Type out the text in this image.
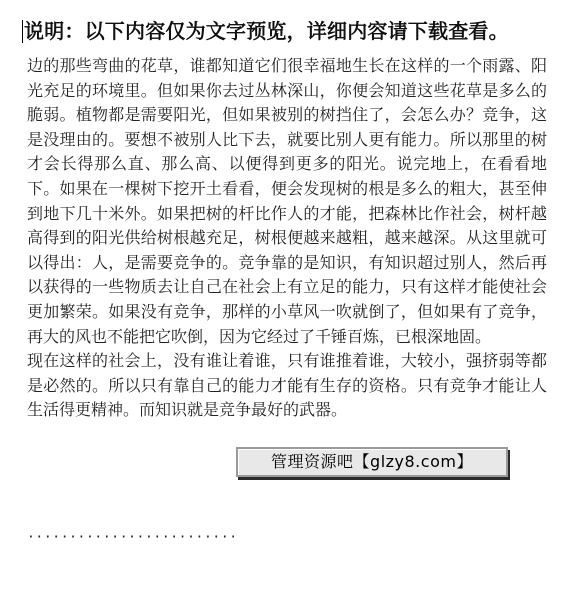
说明：以下内容仅为文字预览，详细内容请下载查看。

边的那些弯曲的花草，谁都知道它们很幸福地生长在这样的一个雨露、阳光充足的环境里。但如果你去过丛林深山，你便会知道这些花草是多么的脆弱。植物都是需要阳光，但如果被别的树挡住了，会怎么办？竞争，这是没理由的。要想不被别人比下去，就要比别人更有能力。所以那里的树才会长得那么直、那么高、以便得到更多的阳光。说完地上，在看看地下。如果在一棵树下挖开土看看，便会发现树的根是多么的粗大，甚至伸到地下几十米外。如果把树的杆比作人的才能，把森林比作社会，树杆越高得到的阳光供给树根越充足，树根便越来越粗，越来越深。从这里就可以得出：人，是需要竞争的。竞争靠的是知识，有知识超过别人，然后再以获得的一些物质去让自己在社会上有立足的能力，只有这样才能使社会更加繁荣。如果没有竞争，那样的小草风一吹就倒了，但如果有了竞争，再大的风也不能把它吹倒，因为它经过了千锤百炼，已根深地固。

现在这样的社会上，没有谁让着谁，只有谁推着谁，大较小，强挤弱等都是必然的。所以只有靠自己的能力才能有生存的资格。只有竞争才能让人生活得更精神。而知识就是竞争最好的武器。

·························
管理资源吧【glzy8.com】
